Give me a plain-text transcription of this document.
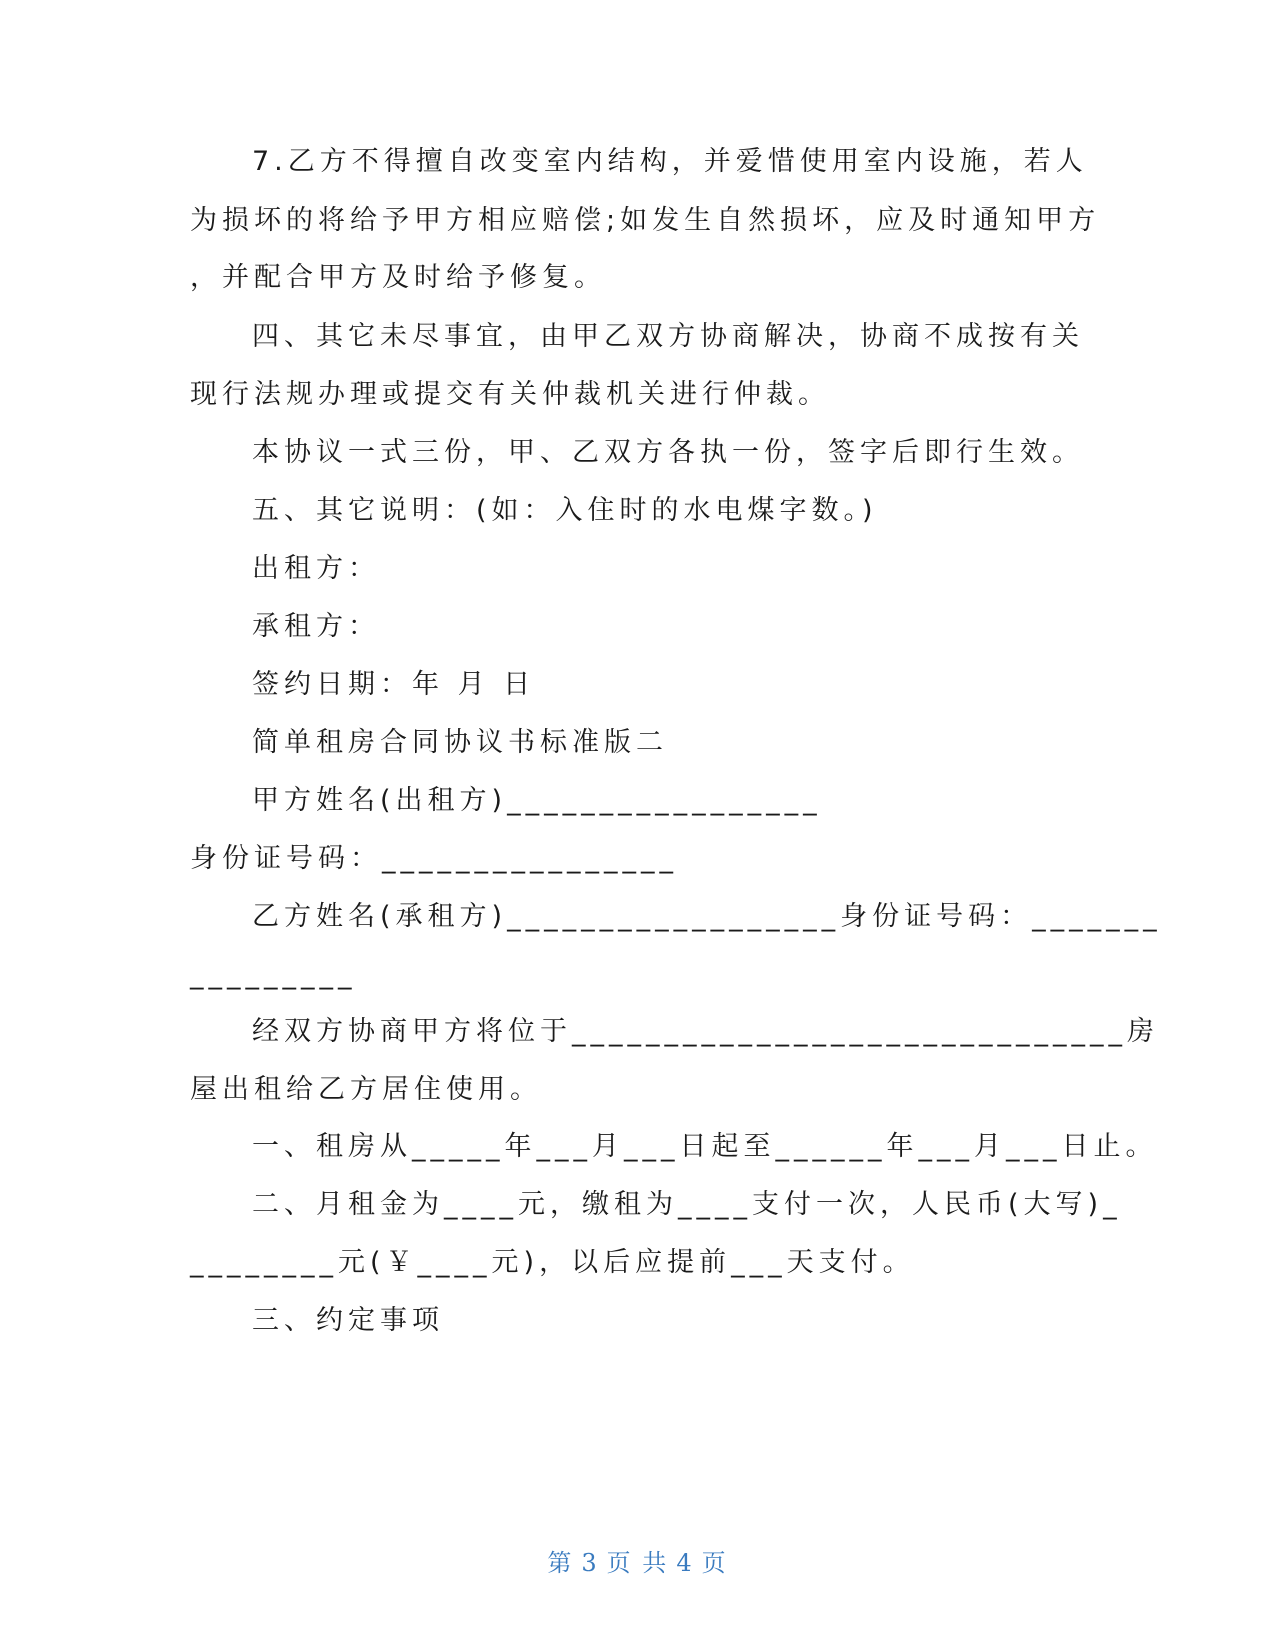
7.乙方不得擅自改变室内结构，并爱惜使用室内设施，若人
为损坏的将给予甲方相应赔偿;如发生自然损坏，应及时通知甲方
，并配合甲方及时给予修复。
四、其它未尽事宜，由甲乙双方协商解决，协商不成按有关
现行法规办理或提交有关仲裁机关进行仲裁。
本协议一式三份，甲、乙双方各执一份，签字后即行生效。
五、其它说明：(如：入住时的水电煤字数。)
出租方：
承租方：
签约日期：年 月 日
简单租房合同协议书标准版二
甲方姓名(出租方)_________________
身份证号码：________________
乙方姓名(承租方)__________________身份证号码：_______
_________
经双方协商甲方将位于______________________________房
屋出租给乙方居住使用。
一、租房从_____年___月___日起至______年___月___日止。
二、月租金为____元，缴租为____支付一次，人民币(大写)_
________元(￥____元)，以后应提前___天支付。
三、约定事项
第 3 页 共 4 页
